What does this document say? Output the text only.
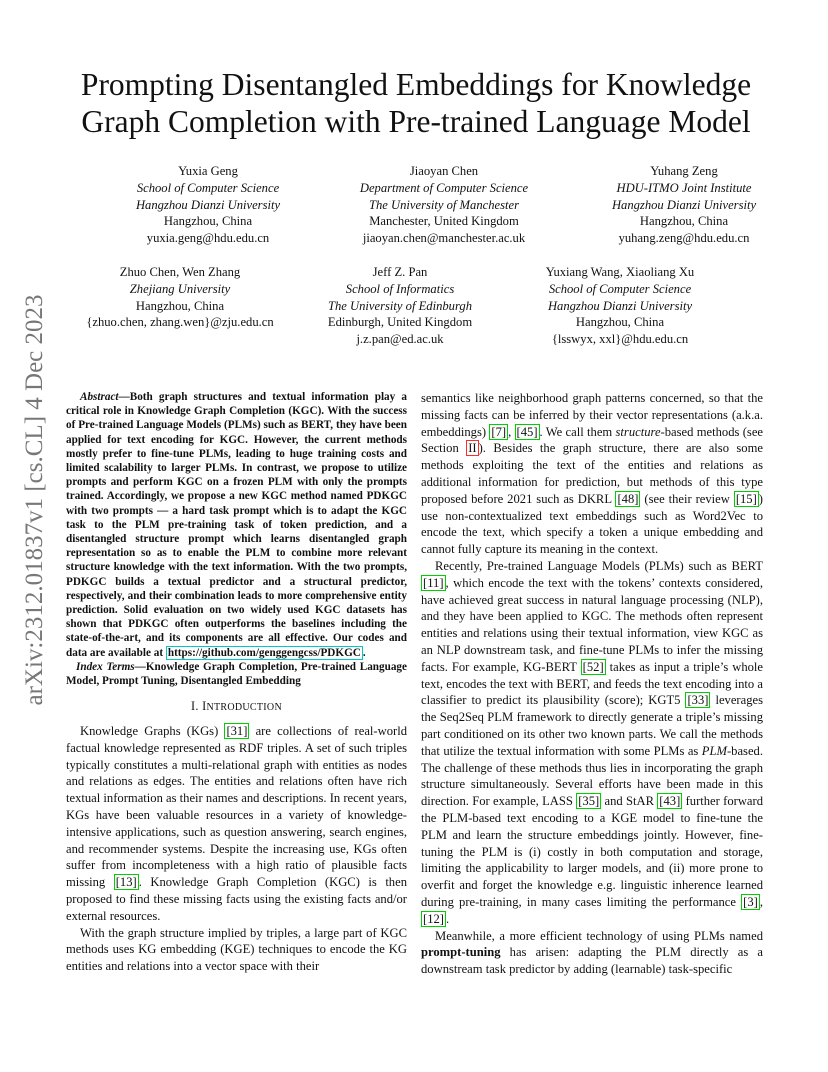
arXiv:2312.01837v1 [cs.CL] 4 Dec 2023
Prompting Disentangled Embeddings for Knowledge Graph Completion with Pre-trained Language Model
Yuxia Geng
School of Computer Science
Hangzhou Dianzi University
Hangzhou, China
yuxia.geng@hdu.edu.cn
Jiaoyan Chen
Department of Computer Science
The University of Manchester
Manchester, United Kingdom
jiaoyan.chen@manchester.ac.uk
Yuhang Zeng
HDU-ITMO Joint Institute
Hangzhou Dianzi University
Hangzhou, China
yuhang.zeng@hdu.edu.cn
Zhuo Chen, Wen Zhang
Zhejiang University
Hangzhou, China
{zhuo.chen, zhang.wen}@zju.edu.cn
Jeff Z. Pan
School of Informatics
The University of Edinburgh
Edinburgh, United Kingdom
j.z.pan@ed.ac.uk
Yuxiang Wang, Xiaoliang Xu
School of Computer Science
Hangzhou Dianzi University
Hangzhou, China
{lsswyx, xxl}@hdu.edu.cn

Abstract—Both graph structures and textual information play a critical role in Knowledge Graph Completion (KGC). With the success of Pre-trained Language Models (PLMs) such as BERT, they have been applied for text encoding for KGC. However, the current methods mostly prefer to fine-tune PLMs, leading to huge training costs and limited scalability to larger PLMs. In contrast, we propose to utilize prompts and perform KGC on a frozen PLM with only the prompts trained. Accordingly, we propose a new KGC method named PDKGC with two prompts — a hard task prompt which is to adapt the KGC task to the PLM pre-training task of token prediction, and a disentangled structure prompt which learns disentangled graph representation so as to enable the PLM to combine more relevant structure knowledge with the text information. With the two prompts, PDKGC builds a textual predictor and a structural predictor, respectively, and their combination leads to more comprehensive entity prediction. Solid evaluation on two widely used KGC datasets has shown that PDKGC often outperforms the baselines including the state-of-the-art, and its components are all effective. Our codes and data are available at https://github.com/genggengcss/PDKGC .

Index Terms—Knowledge Graph Completion, Pre-trained Language Model, Prompt Tuning, Disentangled Embedding

I. INTRODUCTION

Knowledge Graphs (KGs) [31] are collections of real-world factual knowledge represented as RDF triples. A set of such triples typically constitutes a multi-relational graph with entities as nodes and relations as edges. The entities and relations often have rich textual information as their names and descriptions. In recent years, KGs have been valuable resources in a variety of knowledge-intensive applications, such as question answering, search engines, and recommender systems. Despite the increasing use, KGs often suffer from incompleteness with a high ratio of plausible facts missing [13] . Knowledge Graph Completion (KGC) is then proposed to find these missing facts using the existing facts and/or external resources.

With the graph structure implied by triples, a large part of KGC methods uses KG embedding (KGE) techniques to encode the KG entities and relations into a vector space with their

semantics like neighborhood graph patterns concerned, so that the missing facts can be inferred by their vector representations (a.k.a. embeddings) [7] , [45] . We call them structure-based methods (see Section II ). Besides the graph structure, there are also some methods exploiting the text of the entities and relations as additional information for prediction, but methods of this type proposed before 2021 such as DKRL [48] (see their review [15] ) use non-contextualized text embeddings such as Word2Vec to encode the text, which specify a token a unique embedding and cannot fully capture its meaning in the context.

Recently, Pre-trained Language Models (PLMs) such as BERT [11] , which encode the text with the tokens’ contexts considered, have achieved great success in natural language processing (NLP), and they have been applied to KGC. The methods often represent entities and relations using their textual information, view KGC as an NLP downstream task, and fine-tune PLMs to infer the missing facts. For example, KG-BERT [52] takes as input a triple’s whole text, encodes the text with BERT, and feeds the text encoding into a classifier to predict its plausibility (score); KGT5 [33] leverages the Seq2Seq PLM framework to directly generate a triple’s missing part conditioned on its other two known parts. We call the methods that utilize the textual information with some PLMs as PLM-based. The challenge of these methods thus lies in incorporating the graph structure simultaneously. Several efforts have been made in this direction. For example, LASS [35] and StAR [43] further forward the PLM-based text encoding to a KGE model to fine-tune the PLM and learn the structure embeddings jointly. However, fine-tuning the PLM is (i) costly in both computation and storage, limiting the applicability to larger models, and (ii) more prone to overfit and forget the knowledge e.g. linguistic inherence learned during pre-training, in many cases limiting the performance [3] , [12] .

Meanwhile, a more efficient technology of using PLMs named prompt-tuning has arisen: adapting the PLM directly as a downstream task predictor by adding (learnable) task-specific
